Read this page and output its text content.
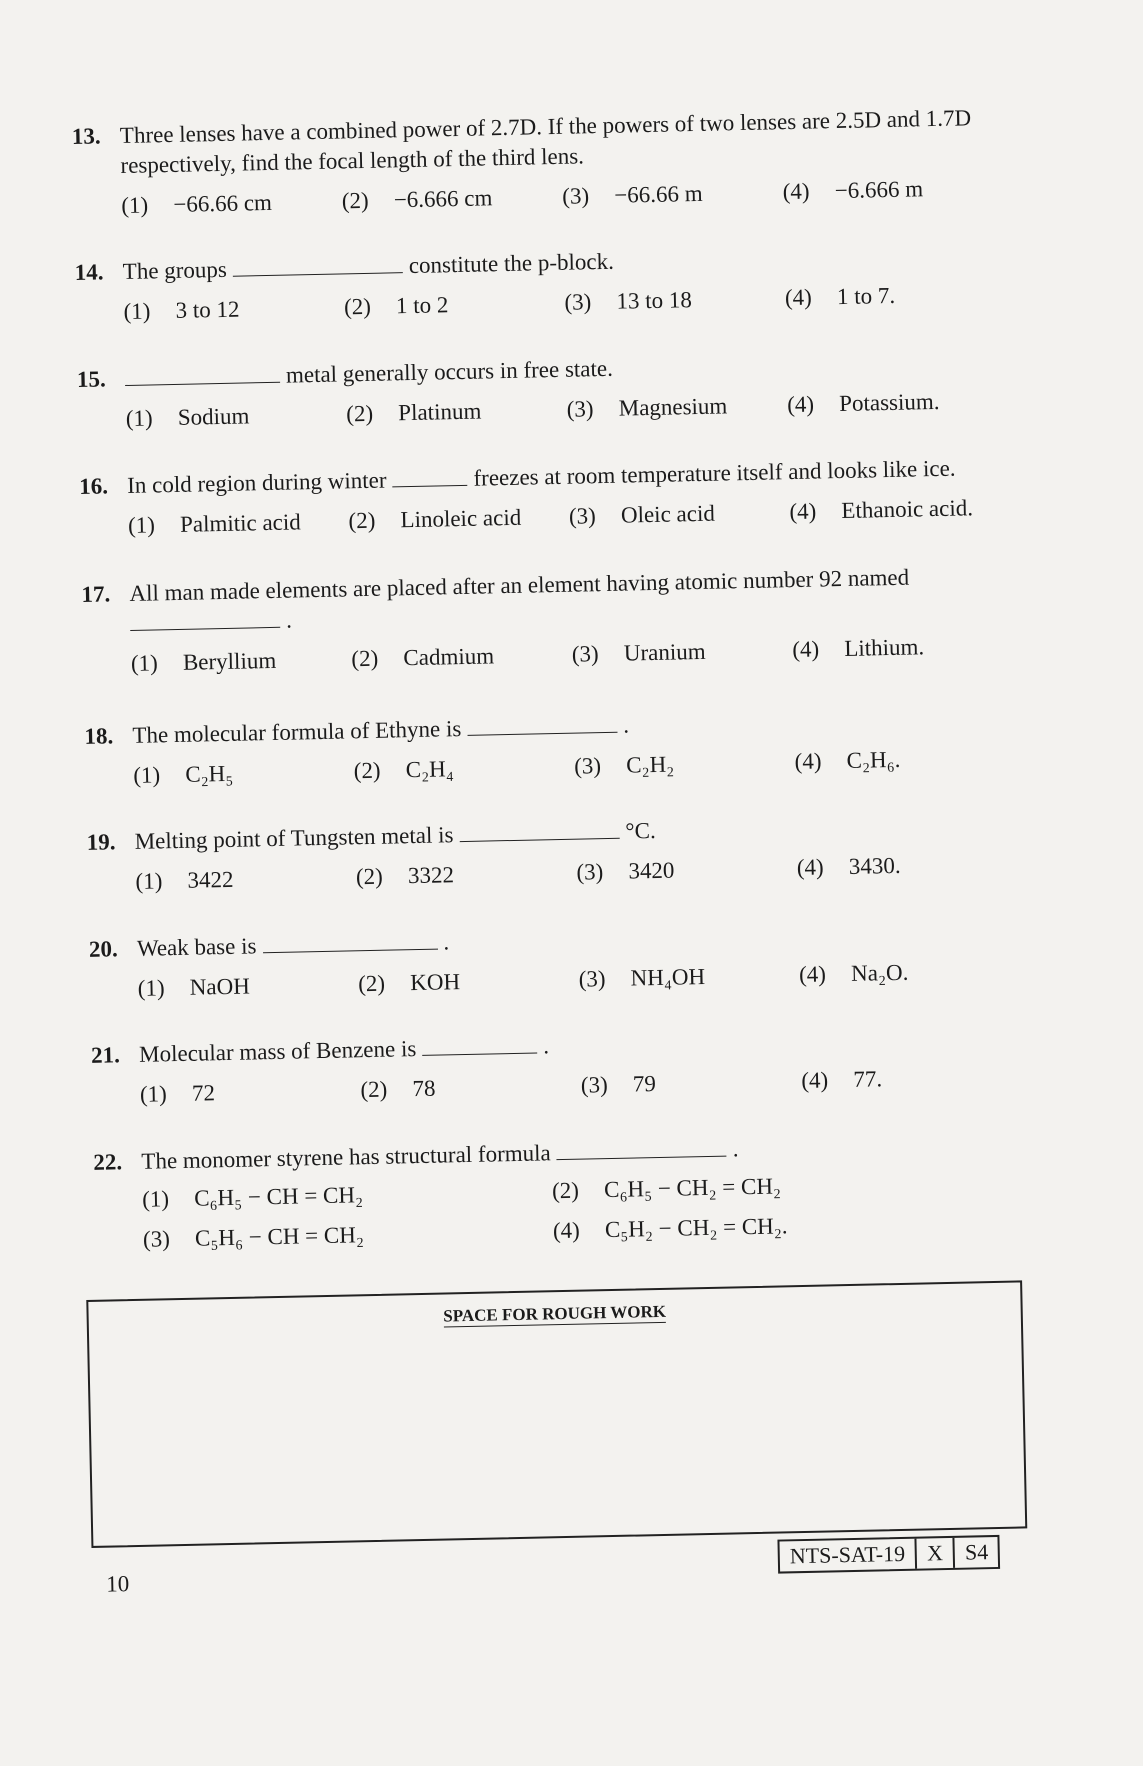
13. Three lenses have a combined power of 2.7D. If the powers of two lenses are 2.5D and 1.7D
respectively, find the focal length of the third lens.
(1)	−66.66 cm	(2)	−6.666 cm	(3)	−66.66 m	(4)	−6.666 m
14. The groups	constitute the p-block.
(1)	3 to 12	(2)	1 to 2	(3)	13 to 18	(4)	1 to 7.
15.	metal generally occurs in free state.
(1)	Sodium	(2)	Platinum	(3)	Magnesium	(4)	Potassium.
16. In cold region during winter	freezes at room temperature itself and looks like ice.
(1)	Palmitic acid (2)	Linoleic acid (3)	Oleic acid	(4)	Ethanoic acid.
17. All man made elements are placed after an element having atomic number 92 named
.
(1)	Beryllium	(2)	Cadmium	(3)	Uranium	(4)	Lithium.
18. The molecular formula of Ethyne is	.
(1)	C₂H₅	(2)	C₂H₄	(3)	C₂H₂	(4)	C₂H₆.
19. Melting point of Tungsten metal is	°C.
(1)	3422	(2)	3322	(3)	3420	(4)	3430.
20. Weak base is	.
(1)	NaOH	(2)	KOH	(3)	NH₄OH	(4)	Na₂O.
21. Molecular mass of Benzene is	.
(1)	72	(2)	78	(3)	79	(4)	77.
22. The monomer styrene has structural formula	.
(1)	C₆H₅ − CH = CH₂	(2)	C₆H₅ − CH₂ = CH₂
(3)	C₅H₆ − CH = CH₂	(4)	C₅H₂ − CH₂ = CH₂.
SPACE FOR ROUGH WORK
10
NTS-SAT-19 X S4
